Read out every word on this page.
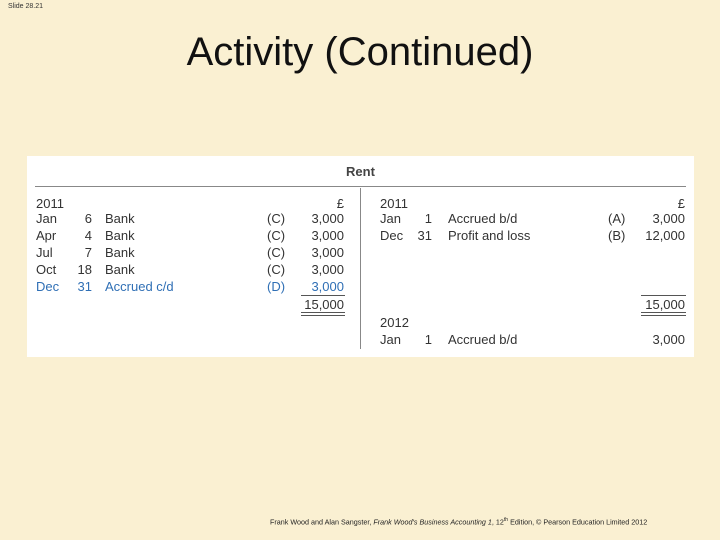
Slide 28.21
Activity (Continued)
Rent
2011	£	2011	£
Jan	6 Bank	(C)	3,000
Apr	4 Bank	(C)	3,000
Jul	7 Bank	(C)	3,000
Oct	18 Bank	(C)	3,000
Dec	31 Accrued c/d	(D)	3,000
15,000
Jan	1 Accrued b/d	(A)	3,000
Dec	31 Profit and loss	(B)	12,000
15,000
2012
Jan	1 Accrued b/d	3,000
Frank Wood and Alan Sangster, Frank Wood's Business Accounting 1, 12th Edition, © Pearson Education Limited 2012
